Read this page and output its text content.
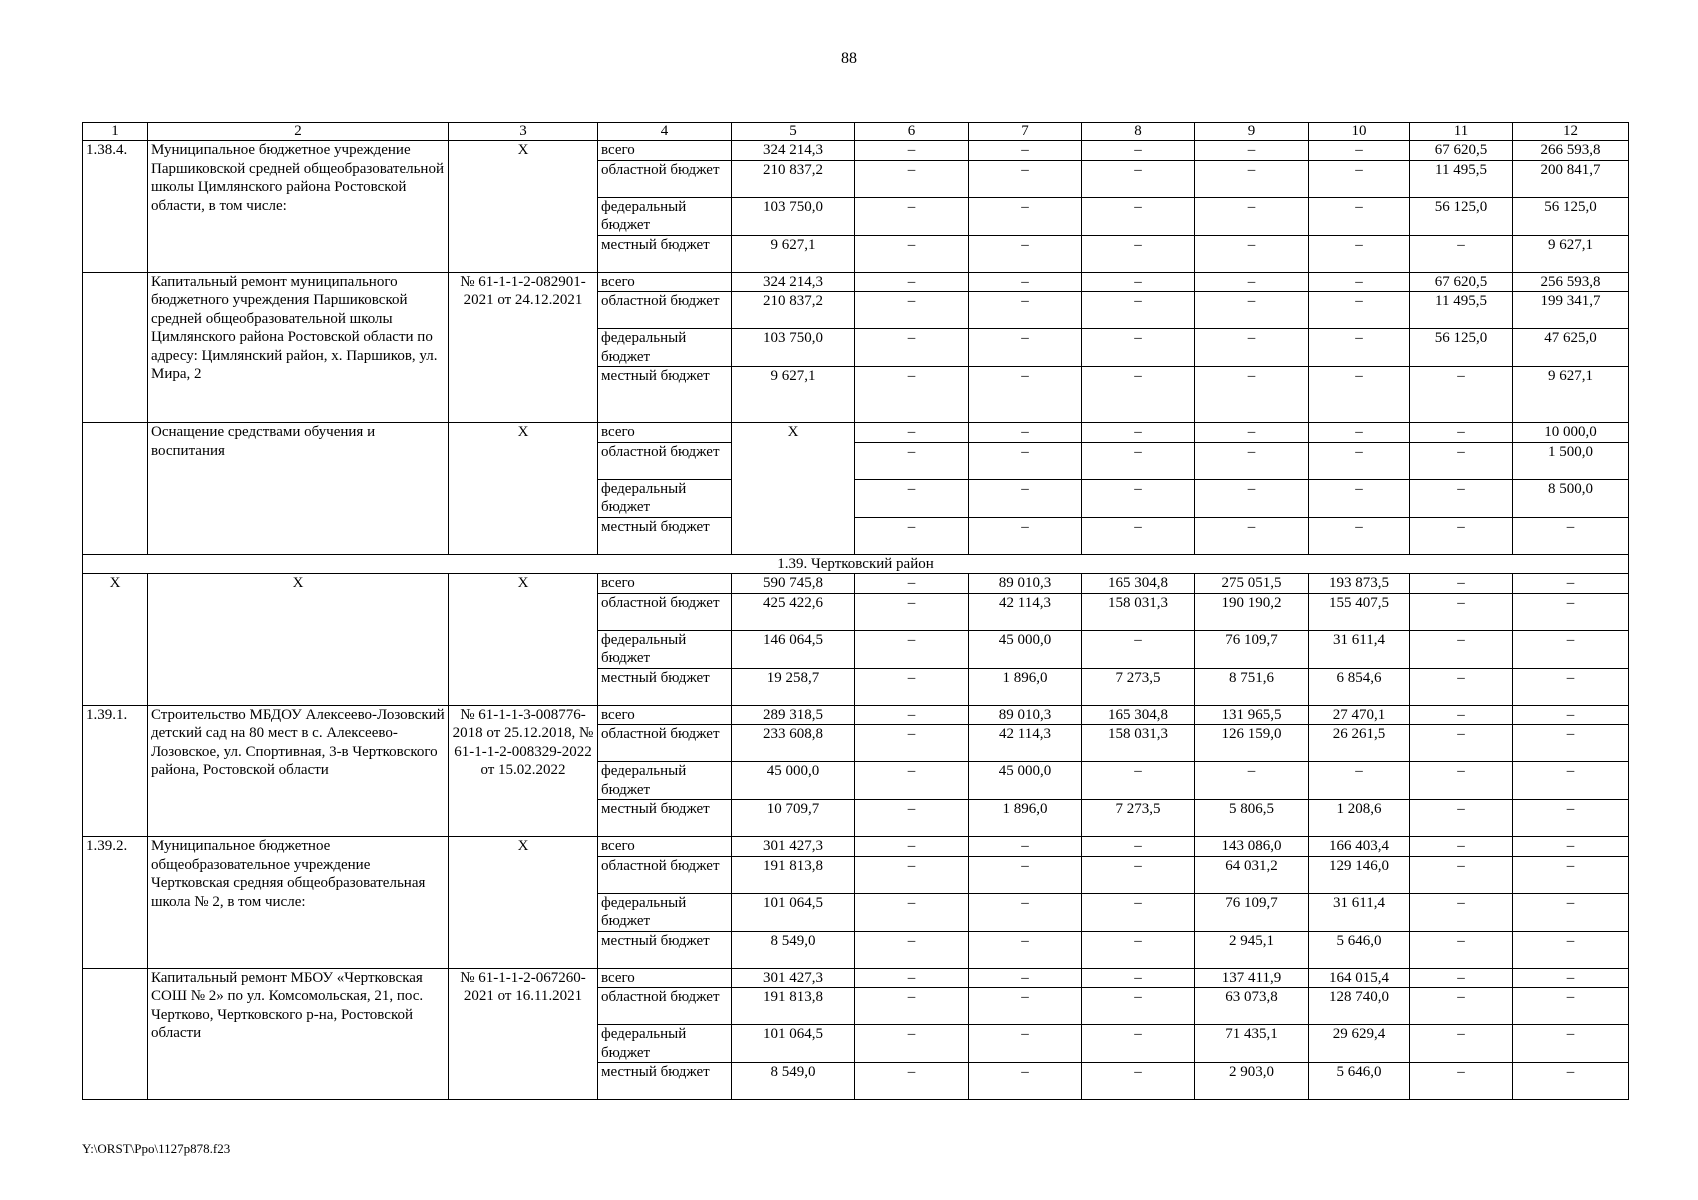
88
1	2	3	4	5	6	7	8	9	10	11	12
1.38.4.	Муниципальное бюджетное учреждение Паршиковской средней общеобразовательной школы Цимлянского района Ростовской области, в том числе:	Х	всего	324 214,3	–	–	–	–	–	67 620,5	266 593,8
			областной бюджет	210 837,2	–	–	–	–	–	11 495,5	200 841,7
			федеральный бюджет	103 750,0	–	–	–	–	–	56 125,0	56 125,0
			местный бюджет	9 627,1	–	–	–	–	–	–	9 627,1
	Капитальный ремонт муниципального бюджетного учреждения Паршиковской средней общеобразовательной школы Цимлянского района Ростовской области по адресу: Цимлянский район, х. Паршиков, ул. Мира, 2	№ 61-1-1-2-082901-2021 от 24.12.2021	всего	324 214,3	–	–	–	–	–	67 620,5	256 593,8
			областной бюджет	210 837,2	–	–	–	–	–	11 495,5	199 341,7
			федеральный бюджет	103 750,0	–	–	–	–	–	56 125,0	47 625,0
			местный бюджет	9 627,1	–	–	–	–	–	–	9 627,1
	Оснащение средствами обучения и воспитания	Х	всего	Х	–	–	–	–	–	–	10 000,0
			областной бюджет		–	–	–	–	–	–	1 500,0
			федеральный бюджет		–	–	–	–	–	–	8 500,0
			местный бюджет		–	–	–	–	–	–	–
1.39. Чертковский район											
Х	Х	Х	всего	590 745,8	–	89 010,3	165 304,8	275 051,5	193 873,5	–	–
			областной бюджет	425 422,6	–	42 114,3	158 031,3	190 190,2	155 407,5	–	–
			федеральный бюджет	146 064,5	–	45 000,0	–	76 109,7	31 611,4	–	–
			местный бюджет	19 258,7	–	1 896,0	7 273,5	8 751,6	6 854,6	–	–
1.39.1.	Строительство МБДОУ Алексеево-Лозовский детский сад на 80 мест в с. Алексеево-Лозовское, ул. Спортивная, 3-в Чертковского района, Ростовской области	№ 61-1-1-3-008776-2018 от 25.12.2018, № 61-1-1-2-008329-2022 от 15.02.2022	всего	289 318,5	–	89 010,3	165 304,8	131 965,5	27 470,1	–	–
			областной бюджет	233 608,8	–	42 114,3	158 031,3	126 159,0	26 261,5	–	–
			федеральный бюджет	45 000,0	–	45 000,0	–	–	–	–	–
			местный бюджет	10 709,7	–	1 896,0	7 273,5	5 806,5	1 208,6	–	–
1.39.2.	Муниципальное бюджетное общеобразовательное учреждение Чертковская средняя общеобразовательная школа № 2, в том числе:	Х	всего	301 427,3	–	–	–	143 086,0	166 403,4	–	–
			областной бюджет	191 813,8	–	–	–	64 031,2	129 146,0	–	–
			федеральный бюджет	101 064,5	–	–	–	76 109,7	31 611,4	–	–
			местный бюджет	8 549,0	–	–	–	2 945,1	5 646,0	–	–
	Капитальный ремонт МБОУ «Чертковская СОШ № 2» по ул. Комсомольская, 21, пос. Чертково, Чертковского р-на, Ростовской области	№ 61-1-1-2-067260-2021 от 16.11.2021	всего	301 427,3	–	–	–	137 411,9	164 015,4	–	–
			областной бюджет	191 813,8	–	–	–	63 073,8	128 740,0	–	–
			федеральный бюджет	101 064,5	–	–	–	71 435,1	29 629,4	–	–
			местный бюджет	8 549,0	–	–	–	2 903,0	5 646,0	–	–
Y:\ORST\Ppo\1127p878.f23
